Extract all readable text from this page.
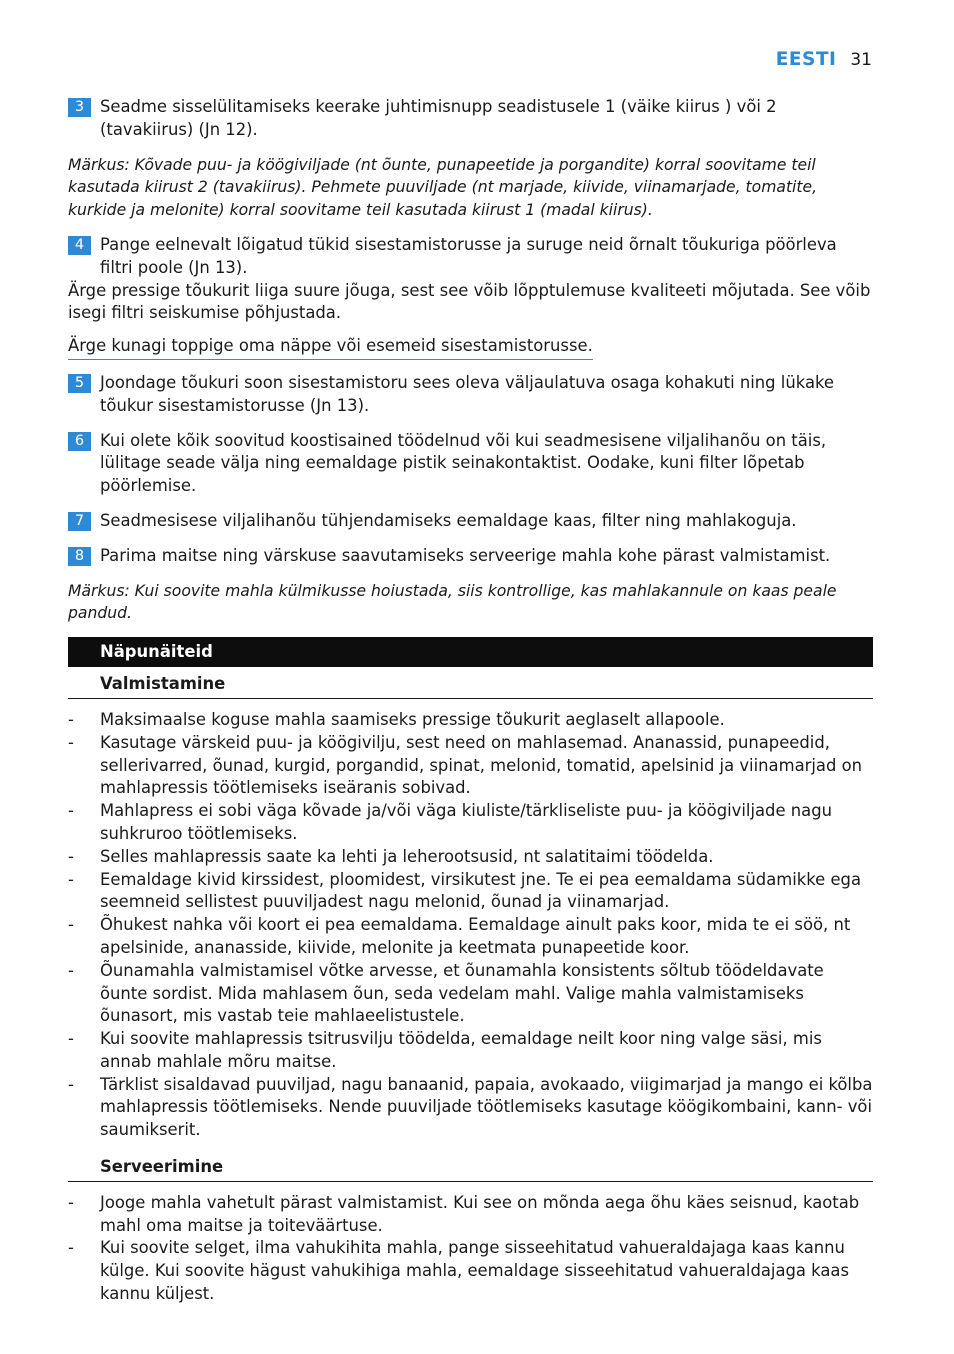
EESTI 31
3 Seadme sisselülitamiseks keerake juhtimisnupp seadistusele 1 (väike kiirus ) või 2 (tavakiirus) (Jn 12).
Märkus: Kõvade puu- ja köögiviljade (nt õunte, punapeetide ja porgandite) korral soovitame teil kasutada kiirust 2 (tavakiirus). Pehmete puuviljade (nt marjade, kiivide, viinamarjade, tomatite, kurkide ja melonite) korral soovitame teil kasutada kiirust 1 (madal kiirus).
4 Pange eelnevalt lõigatud tükid sisestamistorusse ja suruge neid õrnalt tõukuriga pöörleva filtri poole (Jn 13).
Ärge pressige tõukurit liiga suure jõuga, sest see võib lõpptulemuse kvaliteeti mõjutada. See võib isegi filtri seiskumise põhjustada.
Ärge kunagi toppige oma näppe või esemeid sisestamistorusse.
5 Joondage tõukuri soon sisestamistoru sees oleva väljaulatuva osaga kohakuti ning lükake tõukur sisestamistorusse (Jn 13).
6 Kui olete kõik soovitud koostisained töödelnud või kui seadmesisene viljalihanõu on täis, lülitage seade välja ning eemaldage pistik seinakontaktist. Oodake, kuni filter lõpetab pöörlemise.
7 Seadmesisese viljalihanõu tühjendamiseks eemaldage kaas, filter ning mahlakoguja.
8 Parima maitse ning värskuse saavutamiseks serveerige mahla kohe pärast valmistamist.
Märkus: Kui soovite mahla külmikusse hoiustada, siis kontrollige, kas mahlakannule on kaas peale pandud.
Näpunäiteid
Valmistamine
- Maksimaalse koguse mahla saamiseks pressige tõukurit aeglaselt allapoole.
- Kasutage värskeid puu- ja köögivilju, sest need on mahlasemad. Ananassid, punapeedid, sellerivarred, õunad, kurgid, porgandid, spinat, melonid, tomatid, apelsinid ja viinamarjad on mahlapressis töötlemiseks iseäranis sobivad.
- Mahlapress ei sobi väga kõvade ja/või väga kiuliste/tärkliseliste puu- ja köögiviljade nagu suhkruroo töötlemiseks.
- Selles mahlapressis saate ka lehti ja leherootsusid, nt salatitaimi töödelda.
- Eemaldage kivid kirssidest, ploomidest, virsikutest jne. Te ei pea eemaldama südamikke ega seemneid sellistest puuviljadest nagu melonid, õunad ja viinamarjad.
- Õhukest nahka või koort ei pea eemaldama. Eemaldage ainult paks koor, mida te ei söö, nt apelsinide, ananasside, kiivide, melonite ja keetmata punapeetide koor.
- Õunamahla valmistamisel võtke arvesse, et õunamahla konsistents sõltub töödeldavate õunte sordist. Mida mahlasem õun, seda vedelam mahl. Valige mahla valmistamiseks õunasort, mis vastab teie mahlaeelistustele.
- Kui soovite mahlapressis tsitrusvilju töödelda, eemaldage neilt koor ning valge säsi, mis annab mahlale mõru maitse.
- Tärklist sisaldavad puuviljad, nagu banaanid, papaia, avokaado, viigimarjad ja mango ei kõlba mahlapressis töötlemiseks. Nende puuviljade töötlemiseks kasutage köögikombaini, kann- või saumikserit.
Serveerimine
- Jooge mahla vahetult pärast valmistamist. Kui see on mõnda aega õhu käes seisnud, kaotab mahl oma maitse ja toiteväärtuse.
- Kui soovite selget, ilma vahukihita mahla, pange sisseehitatud vahueraldajaga kaas kannu külge. Kui soovite hägust vahukihiga mahla, eemaldage sisseehitatud vahueraldajaga kaas kannu küljest.
